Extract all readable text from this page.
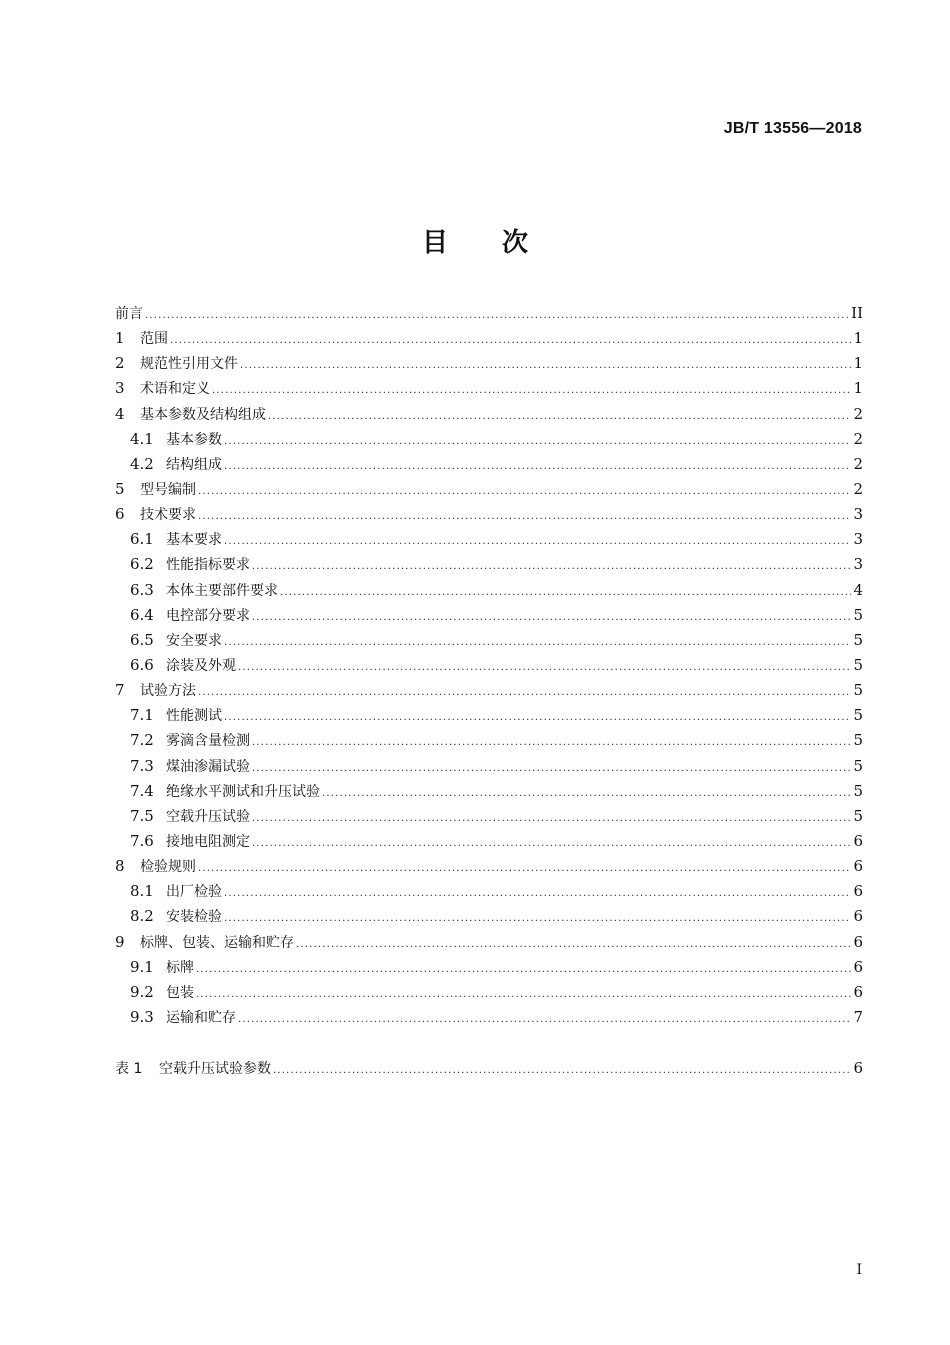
JB/T 13556—2018
目 次
前言 .....	II
1	范围 .....	1
2	规范性引用文件 .....	1
3	术语和定义 .....	1
4	基本参数及结构组成 .....	2
4.1 基本参数 .....	2
4.2 结构组成 .....	2
5	型号编制 .....	2
6	技术要求 .....	3
6.1 基本要求 .....	3
6.2 性能指标要求 .....	3
6.3 本体主要部件要求 .....	4
6.4 电控部分要求 .....	5
6.5 安全要求 .....	5
6.6 涂装及外观 .....	5
7	试验方法 .....	5
7.1 性能测试 .....	5
7.2 雾滴含量检测 .....	5
7.3 煤油渗漏试验 .....	5
7.4 绝缘水平测试和升压试验 .....	5
7.5 空载升压试验 .....	5
7.6 接地电阻测定 .....	6
8	检验规则 .....	6
8.1 出厂检验 .....	6
8.2 安装检验 .....	6
9	标牌、包装、运输和贮存 .....	6
9.1 标牌 .....	6
9.2 包装 .....	6
9.3 运输和贮存 .....	7
表 1	空载升压试验参数 .....	6
I
